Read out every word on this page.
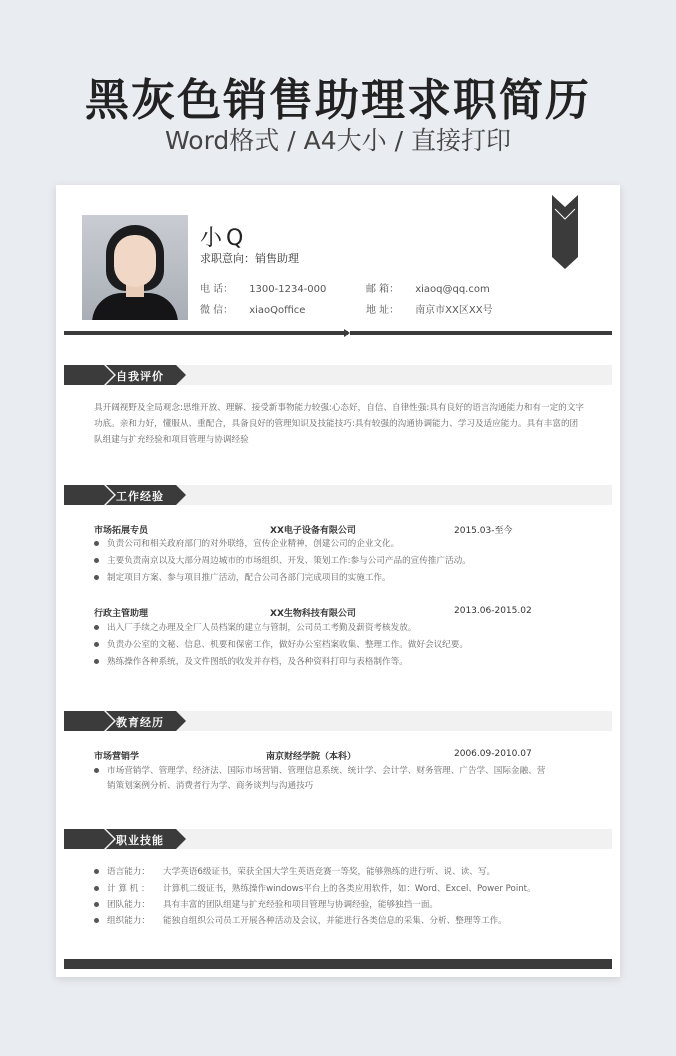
黑灰色销售助理求职简历
Word格式 / A4大小 / 直接打印
小Q
求职意向：销售助理
电 话： 1300-1234-000	邮 箱： xiaoq@qq.com
微 信： xiaoQoffice	地 址： 南京市XX区XX号
自我评价
具开阔视野及全局观念:思维开放、理解、接受新事物能力较强:心态好，自信、自律性强:具有良好的语言沟通能力和有一定的文字功底。亲和力好，懂服从、重配合，具备良好的管理知识及技能技巧:具有较强的沟通协调能力、学习及适应能力。具有丰富的团队组建与扩充经验和项目管理与协调经验
工作经验
市场拓展专员	XX电子设备有限公司	2015.03-至今
负责公司和相关政府部门的对外联络，宣传企业精神，创建公司的企业文化。
主要负责南京以及大部分周边城市的市场组织、开发、策划工作:参与公司产品的宣传推广活动。
制定项目方案、参与项目推广活动，配合公司各部门完成项目的实施工作。
行政主管助理	XX生物科技有限公司	2013.06-2015.02
出入厂手续之办理及全厂人员档案的建立与管制，公司员工考勤及薪资考核发放。
负责办公室的文秘、信息、机要和保密工作，做好办公室档案收集、整理工作。做好会议纪要。
熟练操作各种系统，及文件图纸的收发并存档，及各种资料打印与表格制作等。
教育经历
市场营销学	南京财经学院（本科）	2006.09-2010.07
市场营销学、管理学、经济法、国际市场营销、管理信息系统、统计学、会计学、财务管理、广告学、国际金融、营
销策划案例分析、消费者行为学、商务谈判与沟通技巧
职业技能
语言能力： 大学英语6级证书，荣获全国大学生英语竞赛一等奖，能够熟练的进行听、说、读、写。
计 算 机 ： 计算机二级证书，熟练操作windows平台上的各类应用软件，如：Word、Excel、Power Point。
团队能力： 具有丰富的团队组建与扩充经验和项目管理与协调经验，能够独挡一面。
组织能力： 能独自组织公司员工开展各种活动及会议，并能进行各类信息的采集、分析、整理等工作。
